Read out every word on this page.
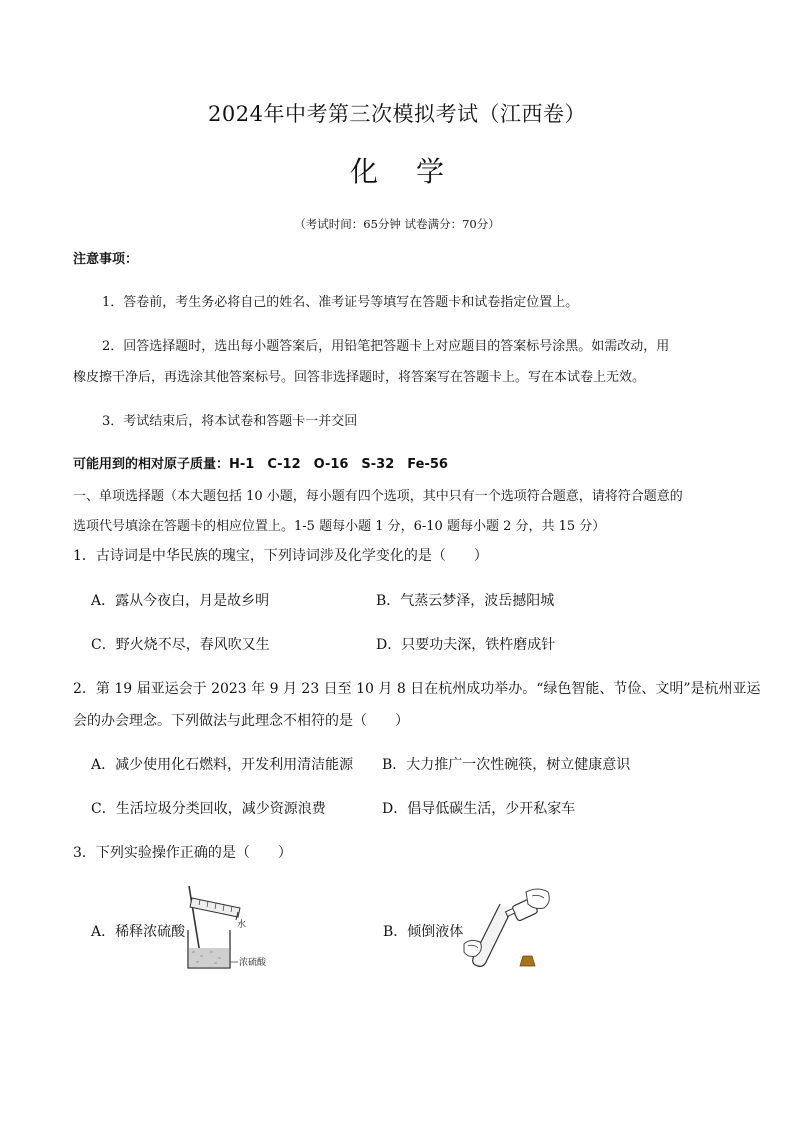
2024年中考第三次模拟考试（江西卷）
化学
（考试时间：65分钟 试卷满分：70分）
注意事项：
1．答卷前，考生务必将自己的姓名、准考证号等填写在答题卡和试卷指定位置上。
2．回答选择题时，选出每小题答案后，用铅笔把答题卡上对应题目的答案标号涂黑。如需改动，用
橡皮擦干净后，再选涂其他答案标号。回答非选择题时，将答案写在答题卡上。写在本试卷上无效。
3．考试结束后，将本试卷和答题卡一并交回
可能用到的相对原子质量：H-1　C-12　O-16　S-32　Fe-56
一、单项选择题（本大题包括 10 小题，每小题有四个选项，其中只有一个选项符合题意，请将符合题意的
选项代号填涂在答题卡的相应位置上。1-5 题每小题 1 分，6-10 题每小题 2 分，共 15 分）
1．古诗词是中华民族的瑰宝，下列诗词涉及化学变化的是（　　）
A．露从今夜白，月是故乡明	B．气蒸云梦泽，波岳撼阳城
C．野火烧不尽，春风吹又生	D．只要功夫深，铁杵磨成针
2．第 19 届亚运会于 2023 年 9 月 23 日至 10 月 8 日在杭州成功举办。“绿色智能、节俭、文明”是杭州亚运
会的办会理念。下列做法与此理念不相符的是（　　）
A．减少使用化石燃料，开发利用清洁能源 B．大力推广一次性碗筷，树立健康意识
C．生活垃圾分类回收，减少资源浪费	D．倡导低碳生活，少开私家车
3．下列实验操作正确的是（　　）
A．稀释浓硫酸	B．倾倒液体
水
浓硫酸
